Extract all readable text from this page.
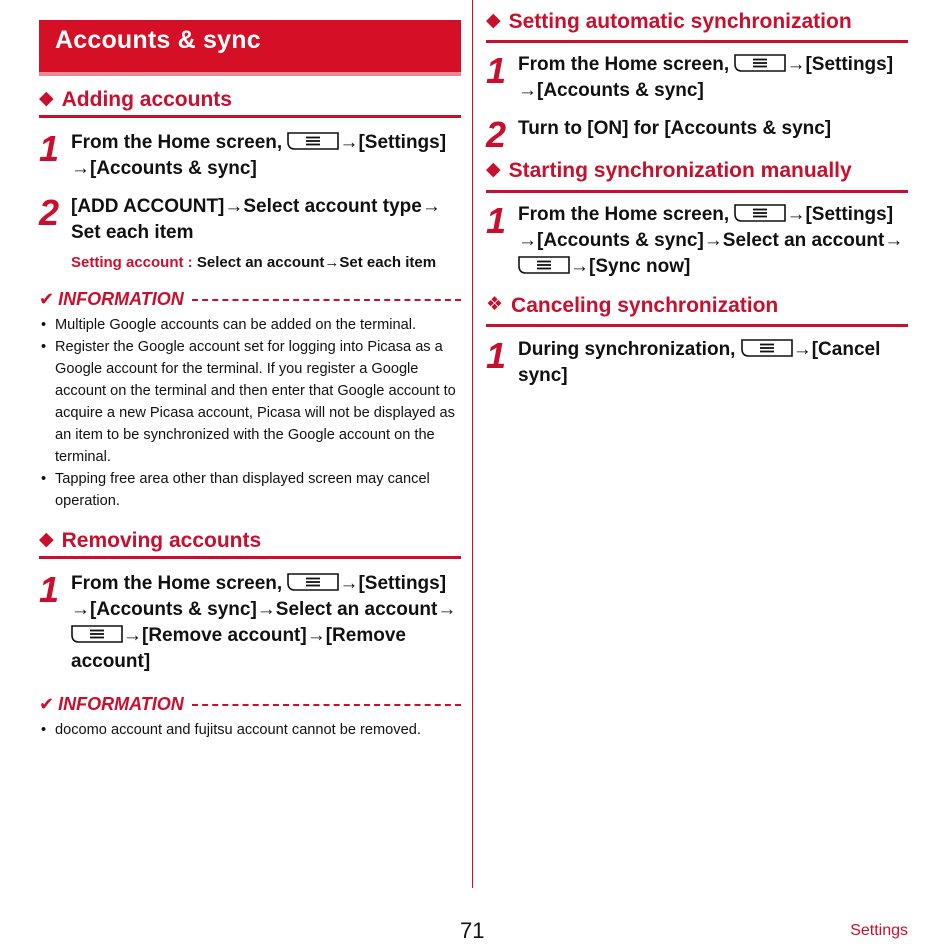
Accounts & sync
◆ Adding accounts
1 From the Home screen,	→[Settings] →[Accounts & sync]
2 [ADD ACCOUNT]→Select account type→ Set each item
Setting account : Select an account→Set each item
✔ INFORMATION
• Multiple Google accounts can be added on the terminal.
• Register the Google account set for logging into Picasa as a Google account for the terminal. If you register a Google account on the terminal and then enter that Google account to acquire a new Picasa account, Picasa will not be displayed as an item to be synchronized with the Google account on the terminal.
• Tapping free area other than displayed screen may cancel operation.
◆ Removing accounts
1 From the Home screen,	→[Settings] →[Accounts & sync]→Select an account→ →[Remove account]→[Remove account]
✔ INFORMATION
• docomo account and fujitsu account cannot be removed.
◆ Setting automatic synchronization
1 From the Home screen,	→[Settings] →[Accounts & sync]
2 Turn to [ON] for [Accounts & sync]
◆ Starting synchronization manually
1 From the Home screen,	→[Settings] →[Accounts & sync]→Select an account→ →[Sync now]
❖ Canceling synchronization
1 During synchronization,	→[Cancel sync]
71	Settings
